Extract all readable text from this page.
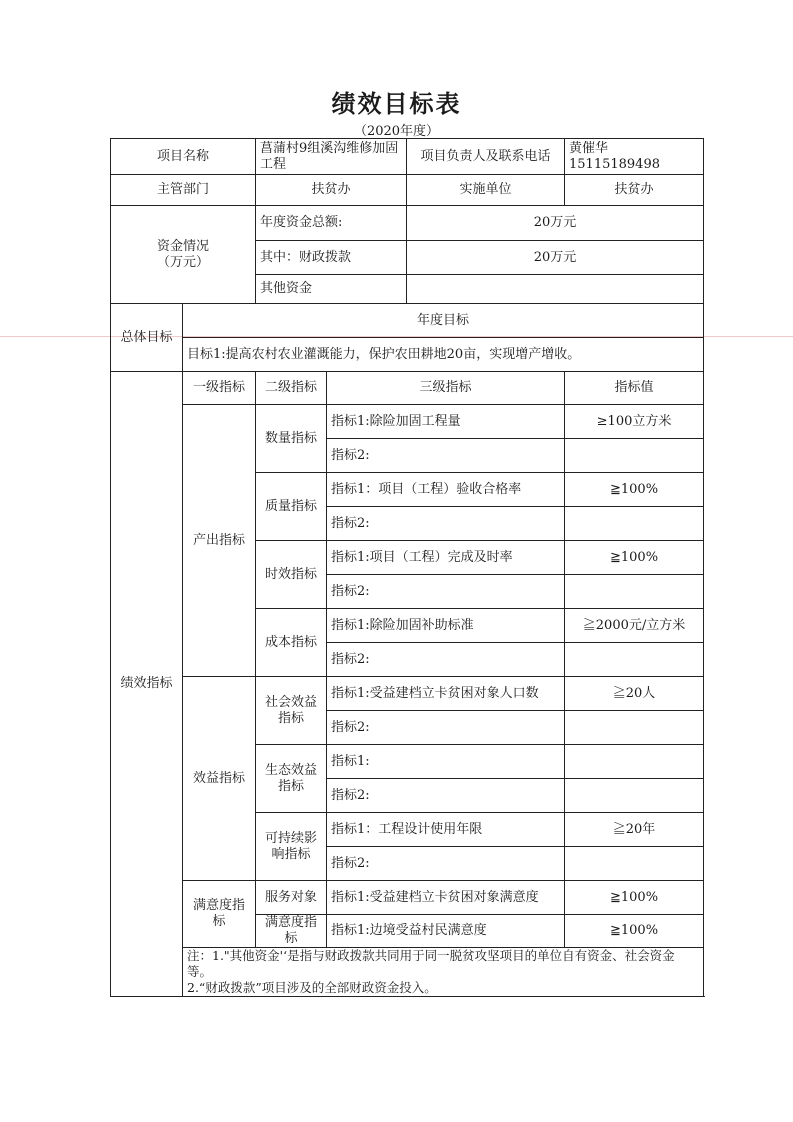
绩效目标表
（2020年度）
项目名称		菖蒲村9组溪沟维修加固工程		项目负责人及联系电话	黄催华　15115189498
主管部门		扶贫办		实施单位	扶贫办
资金情况
（万元）		年度资金总额:		20万元	
		其中：财政拨款		20万元	
		其他资金			
总体目标	年度目标				
	目标1:提高农村农业灌溉能力，保护农田耕地20亩，实现增产增收。				
绩效指标	一级指标	二级指标	三级指标		指标值
	产出指标	数量指标	指标1:除险加固工程量		≥100立方米
			指标2:		
		质量指标	指标1：项目（工程）验收合格率		≧100%
			指标2:		
		时效指标	指标1:项目（工程）完成及时率		≧100%
			指标2:		
		成本指标	指标1:除险加固补助标准		≧2000元/立方米
			指标2:		
	效益指标	社会效益指标	指标1:受益建档立卡贫困对象人口数		≧20人
			指标2:		
		生态效益指标	指标1:		
			指标2:		
		可持续影响指标	指标1：工程设计使用年限		≧20年
			指标2:		
	满意度指标	服务对象	指标1:受益建档立卡贫困对象满意度		≧100%
		满意度指标	指标1:边境受益村民满意度		≧100%

	注：1."其他资金'‘是指与财政拨款共同用于同一脱贫攻坚项目的单位自有资金、社会资金等。
2.“财政拨款”项目涉及的全部财政资金投入。				
